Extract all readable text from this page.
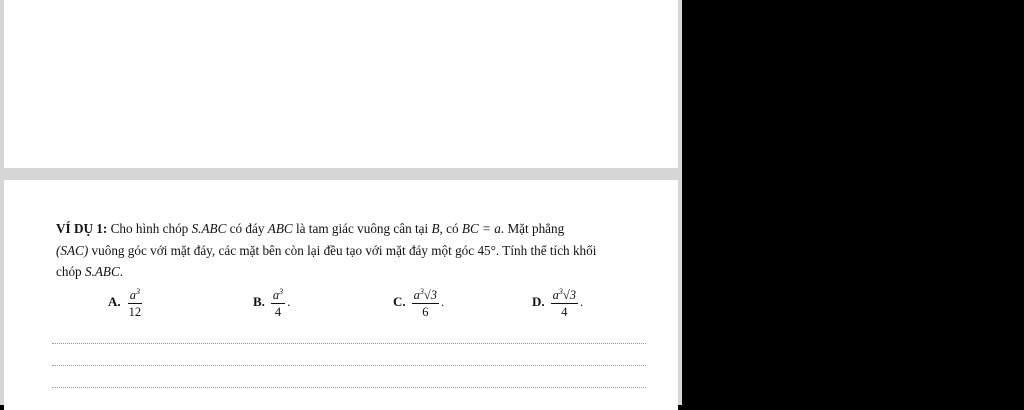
VÍ DỤ 1: Cho hình chóp S.ABC có đáy ABC là tam giác vuông cân tại B, có BC = a. Mặt phẳng
(SAC) vuông góc với mặt đáy, các mặt bên còn lại đều tạo với mặt đáy một góc 45°. Tính thể tích khối
chóp S.ABC.
A. $\frac{a^3}{12}$	B. $\frac{a^3}{4}$ .	C. $\frac{a^3√3}{6}$ .	D. $\frac{a^3√3}{4}$ .
